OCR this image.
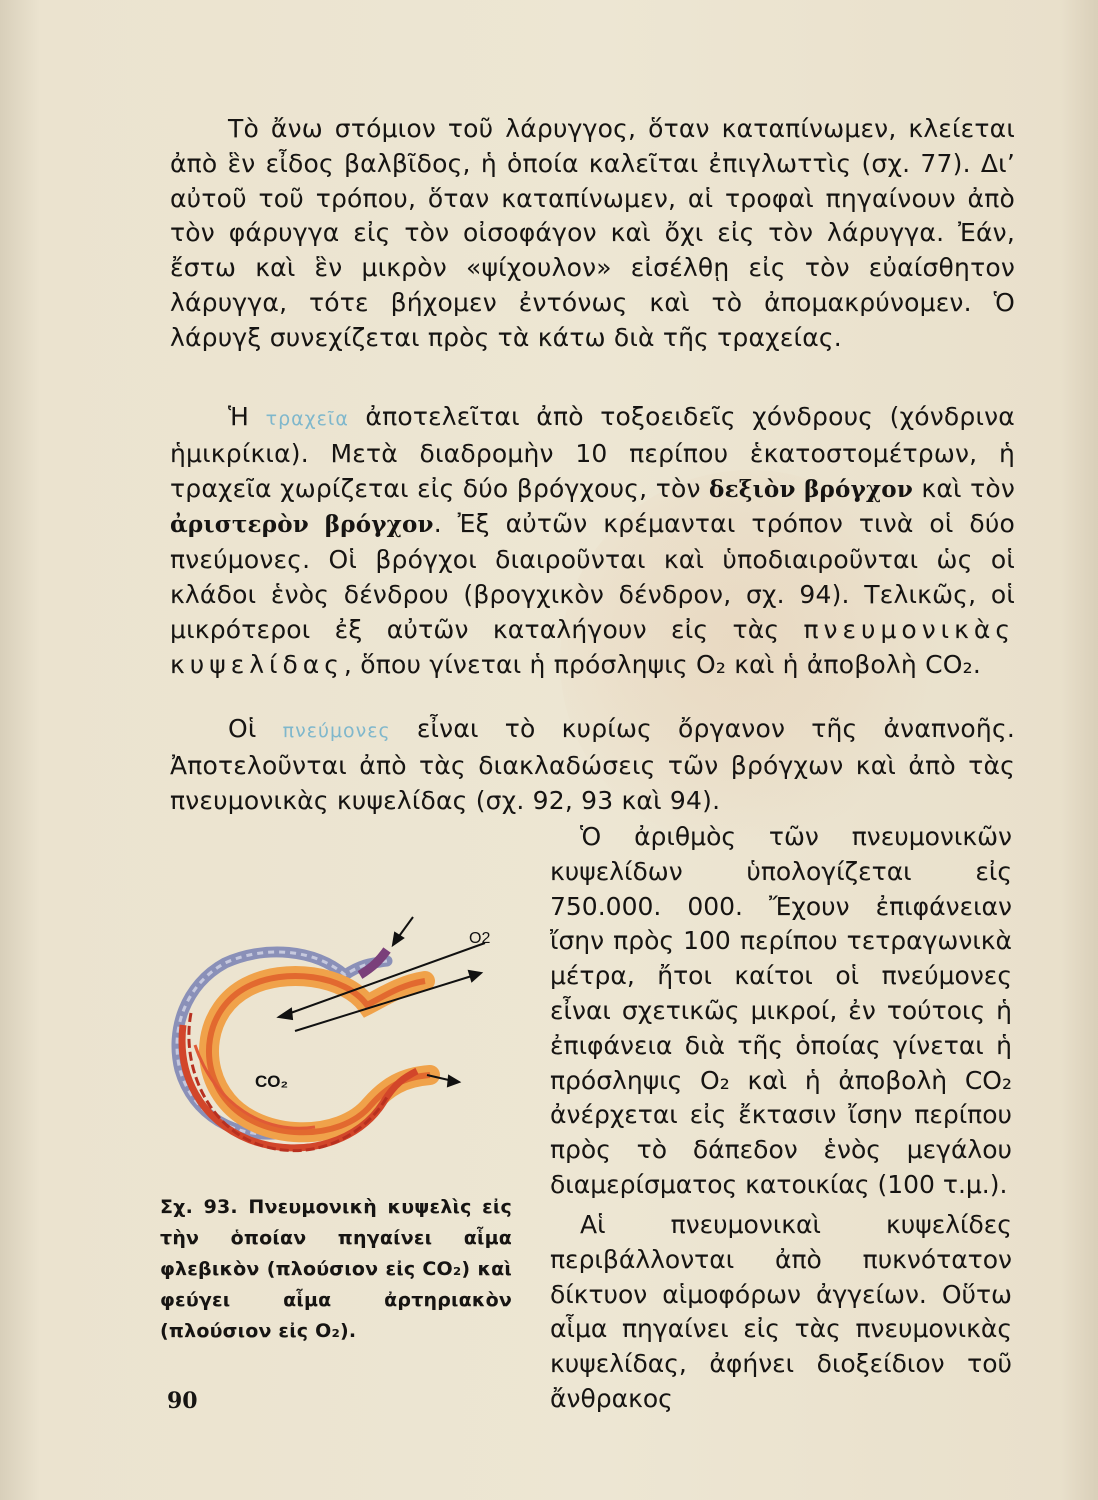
Τὸ ἄνω στόμιον τοῦ λάρυγγος, ὅταν καταπίνωμεν, κλείεται ἀπὸ ἓν εἶδος βαλβῖδος, ἡ ὁποία καλεῖται ἐπιγλωττὶς (σχ. 77). Δι’ αὐτοῦ τοῦ τρόπου, ὅταν καταπίνωμεν, αἱ τροφαὶ πηγαίνουν ἀπὸ τὸν φάρυγγα εἰς τὸν οἰσοφάγον καὶ ὄχι εἰς τὸν λάρυγγα. Ἐάν, ἔστω καὶ ἓν μικρὸν «ψίχουλον» εἰσέλθῃ εἰς τὸν εὐαίσθητον λάρυγγα, τότε βήχομεν ἐντόνως καὶ τὸ ἀπομακρύνομεν. Ὁ λάρυγξ συνεχίζεται πρὸς τὰ κάτω διὰ τῆς τραχείας.

Ἡ τραχεῖα ἀποτελεῖται ἀπὸ τοξοειδεῖς χόνδρους (χόνδρινα ἡμικρίκια). Μετὰ διαδρομὴν 10 περίπου ἑκατοστομέτρων, ἡ τραχεῖα χωρίζεται εἰς δύο βρόγχους, τὸν δεξιὸν βρόγχον καὶ τὸν ἀριστερὸν βρόγχον. Ἐξ αὐτῶν κρέμανται τρόπον τινὰ οἱ δύο πνεύμονες. Οἱ βρόγχοι διαιροῦνται καὶ ὑποδιαιροῦνται ὡς οἱ κλάδοι ἑνὸς δένδρου (βρογχικὸν δένδρον, σχ. 94). Τελικῶς, οἱ μικρότεροι ἐξ αὐτῶν καταλήγουν εἰς τὰς πνευμονικὰς κυψελίδας, ὅπου γίνεται ἡ πρόσληψις O₂ καὶ ἡ ἀποβολὴ CO₂.

Οἱ πνεύμονες εἶναι τὸ κυρίως ὄργανον τῆς ἀναπνοῆς. Ἀποτελοῦνται ἀπὸ τὰς διακλαδώσεις τῶν βρόγχων καὶ ἀπὸ τὰς πνευμονικὰς κυψελίδας (σχ. 92, 93 καὶ 94).

Ὁ ἀριθμὸς τῶν πνευμονικῶν κυψελίδων ὑπολογίζεται εἰς 750.000. 000. Ἔχουν ἐπιφάνειαν ἴσην πρὸς 100 περίπου τετραγωνικὰ μέτρα, ἤτοι καίτοι οἱ πνεύμονες εἶναι σχετικῶς μικροί, ἐν τούτοις ἡ ἐπιφάνεια διὰ τῆς ὁποίας γίνεται ἡ πρόσληψις O₂ καὶ ἡ ἀποβολὴ CO₂ ἀνέρχεται εἰς ἔκτασιν ἴσην περίπου πρὸς τὸ δάπεδον ἑνὸς μεγάλου διαμερίσματος κατοικίας (100 τ.μ.).

Αἱ πνευμονικαὶ κυψελίδες περιβάλλονται ἀπὸ πυκνότατον δίκτυον αἱμοφόρων ἀγγείων. Οὕτω αἷμα πηγαίνει εἰς τὰς πνευμονικὰς κυψελίδας, ἀφήνει διοξείδιον τοῦ ἄνθρακος

O2
CO₂

Σχ. 93. Πνευμονικὴ κυψελὶς εἰς τὴν ὁποίαν πηγαίνει αἷμα φλεβικὸν (πλούσιον εἰς CO₂) καὶ φεύγει αἷμα ἀρτηριακὸν (πλούσιον εἰς O₂).

90
